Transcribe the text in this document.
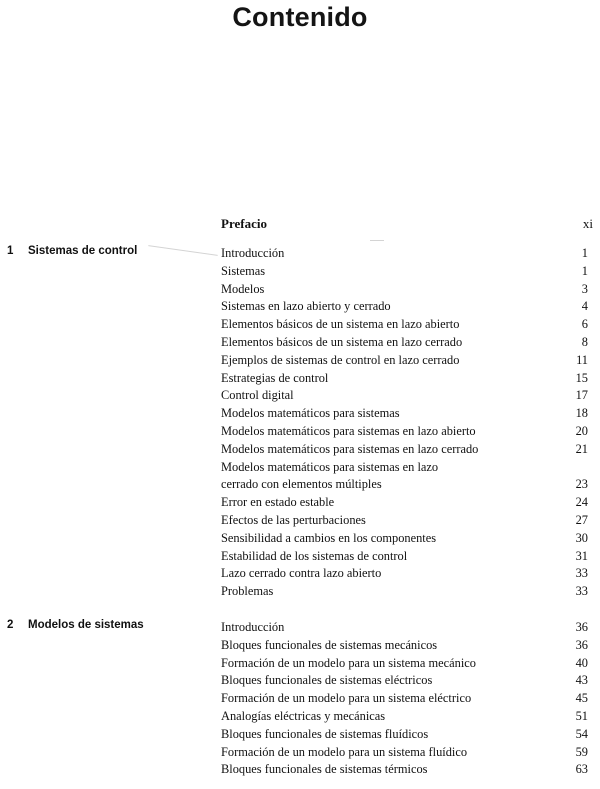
Contenido
Prefacio	xi
1 Sistemas de control	Introducción	1
Sistemas	1
Modelos	3
Sistemas en lazo abierto y cerrado	4
Elementos básicos de un sistema en lazo abierto	6
Elementos básicos de un sistema en lazo cerrado	8
Ejemplos de sistemas de control en lazo cerrado	11
Estrategias de control	15
Control digital	17
Modelos matemáticos para sistemas	18
Modelos matemáticos para sistemas en lazo abierto	20
Modelos matemáticos para sistemas en lazo cerrado	21
Modelos matemáticos para sistemas en lazo
cerrado con elementos múltiples	23
Error en estado estable	24
Efectos de las perturbaciones	27
Sensibilidad a cambios en los componentes	30
Estabilidad de los sistemas de control	31
Lazo cerrado contra lazo abierto	33
Problemas	33
2 Modelos de sistemas	Introducción	36
Bloques funcionales de sistemas mecánicos	36
Formación de un modelo para un sistema mecánico	40
Bloques funcionales de sistemas eléctricos	43
Formación de un modelo para un sistema eléctrico	45
Analogías eléctricas y mecánicas	51
Bloques funcionales de sistemas fluídicos	54
Formación de un modelo para un sistema fluídico	59
Bloques funcionales de sistemas térmicos	63
